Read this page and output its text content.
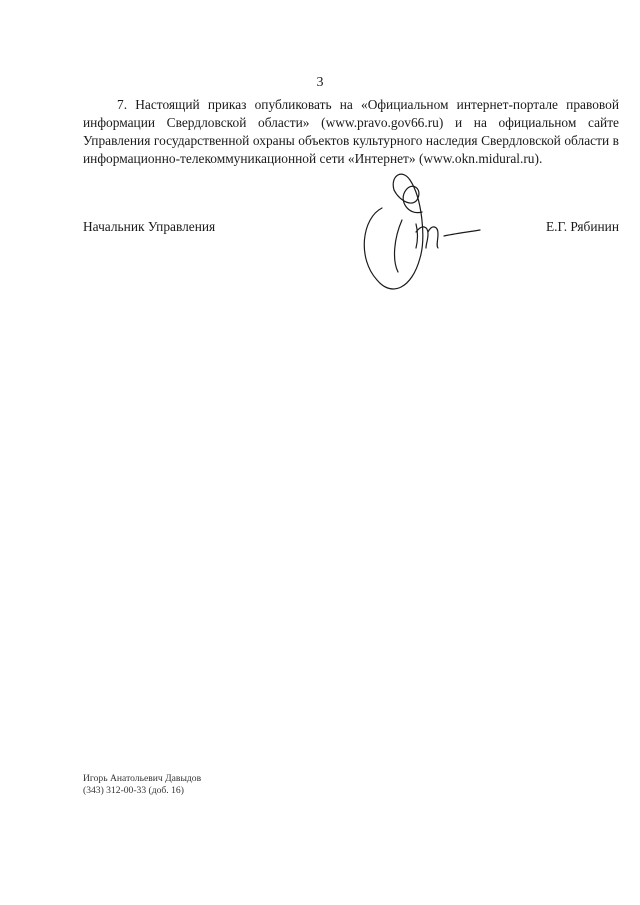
3

7. Настоящий приказ опубликовать на «Официальном интернет-портале правовой информации Свердловской области» (www.pravo.gov66.ru) и на официальном сайте Управления государственной охраны объектов культурного наследия Свердловской области в информационно-телекоммуникационной сети «Интернет» (www.okn.midural.ru).

Начальник Управления	Е.Г. Рябинин
Игорь Анатольевич Давыдов
(343) 312-00-33 (доб. 16)
